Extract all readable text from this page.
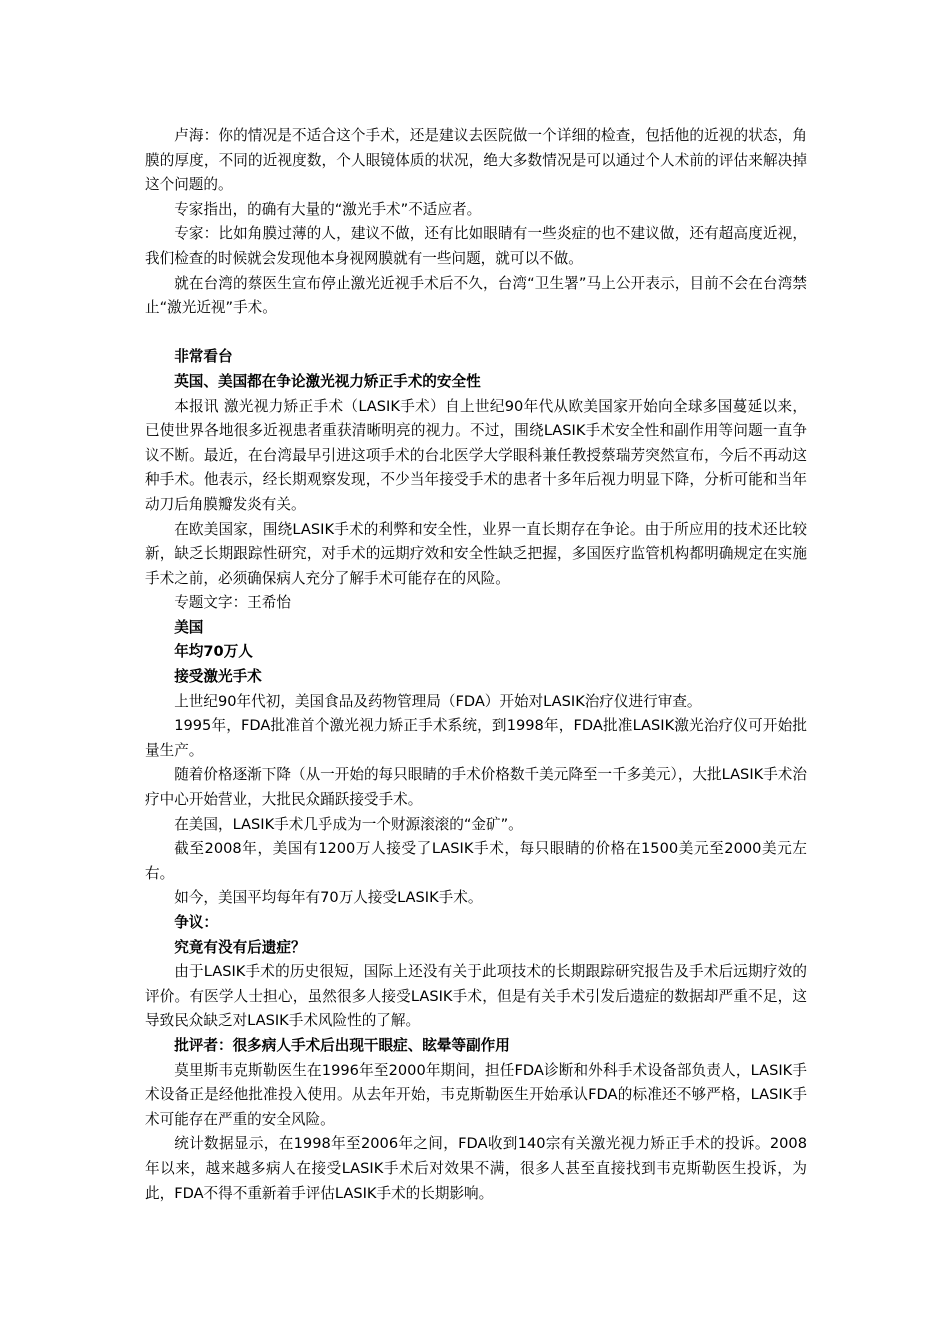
卢海：你的情况是不适合这个手术，还是建议去医院做一个详细的检查，包括他的近视的状态，角膜的厚度，不同的近视度数，个人眼镜体质的状况，绝大多数情况是可以通过个人术前的评估来解决掉这个问题的。

专家指出，的确有大量的“激光手术”不适应者。

专家：比如角膜过薄的人，建议不做，还有比如眼睛有一些炎症的也不建议做，还有超高度近视，我们检查的时候就会发现他本身视网膜就有一些问题，就可以不做。

就在台湾的蔡医生宣布停止激光近视手术后不久，台湾“卫生署”马上公开表示，目前不会在台湾禁止“激光近视”手术。

非常看台

英国、美国都在争论激光视力矫正手术的安全性

本报讯 激光视力矫正手术（LASIK手术）自上世纪90年代从欧美国家开始向全球多国蔓延以来，已使世界各地很多近视患者重获清晰明亮的视力。不过，围绕LASIK手术安全性和副作用等问题一直争议不断。最近，在台湾最早引进这项手术的台北医学大学眼科兼任教授蔡瑞芳突然宣布，今后不再动这种手术。他表示，经长期观察发现，不少当年接受手术的患者十多年后视力明显下降，分析可能和当年动刀后角膜瓣发炎有关。

在欧美国家，围绕LASIK手术的利弊和安全性，业界一直长期存在争论。由于所应用的技术还比较新，缺乏长期跟踪性研究，对手术的远期疗效和安全性缺乏把握，多国医疗监管机构都明确规定在实施手术之前，必须确保病人充分了解手术可能存在的风险。

专题文字：王希怡

美国

年均70万人

接受激光手术

上世纪90年代初，美国食品及药物管理局（FDA）开始对LASIK治疗仪进行审查。

1995年，FDA批准首个激光视力矫正手术系统，到1998年，FDA批准LASIK激光治疗仪可开始批量生产。

随着价格逐渐下降（从一开始的每只眼睛的手术价格数千美元降至一千多美元），大批LASIK手术治疗中心开始营业，大批民众踊跃接受手术。

在美国，LASIK手术几乎成为一个财源滚滚的“金矿”。

截至2008年，美国有1200万人接受了LASIK手术，每只眼睛的价格在1500美元至2000美元左右。

如今，美国平均每年有70万人接受LASIK手术。

争议：

究竟有没有后遗症？

由于LASIK手术的历史很短，国际上还没有关于此项技术的长期跟踪研究报告及手术后远期疗效的评价。有医学人士担心，虽然很多人接受LASIK手术，但是有关手术引发后遗症的数据却严重不足，这导致民众缺乏对LASIK手术风险性的了解。

批评者：很多病人手术后出现干眼症、眩晕等副作用

莫里斯韦克斯勒医生在1996年至2000年期间，担任FDA诊断和外科手术设备部负责人，LASIK手术设备正是经他批准投入使用。从去年开始，韦克斯勒医生开始承认FDA的标准还不够严格，LASIK手术可能存在严重的安全风险。

统计数据显示，在1998年至2006年之间，FDA收到140宗有关激光视力矫正手术的投诉。2008年以来，越来越多病人在接受LASIK手术后对效果不满，很多人甚至直接找到韦克斯勒医生投诉，为此，FDA不得不重新着手评估LASIK手术的长期影响。
